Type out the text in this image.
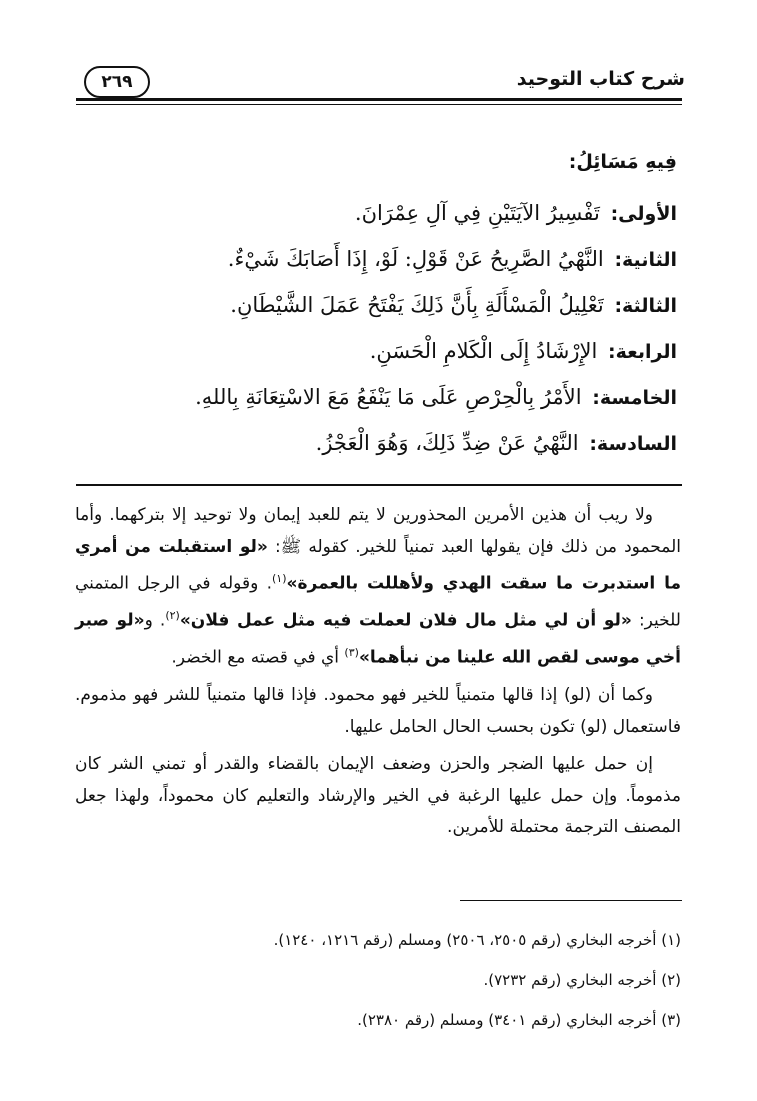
شرح كتاب التوحيد
٢٦٩
فِيهِ مَسَائِلُ:
الأولى: تَفْسِيرُ الآيَتَيْنِ فِي آلِ عِمْرَانَ.
الثانية: النَّهْيُ الصَّرِيحُ عَنْ قَوْلِ: لَوْ، إِذَا أَصَابَكَ شَيْءٌ.
الثالثة: تَعْلِيلُ الْمَسْأَلَةِ بِأَنَّ ذَلِكَ يَفْتَحُ عَمَلَ الشَّيْطَانِ.
الرابعة: الإِرْشَادُ إِلَى الْكَلامِ الْحَسَنِ.
الخامسة: الأَمْرُ بِالْحِرْصِ عَلَى مَا يَنْفَعُ مَعَ الاسْتِعَانَةِ بِاللهِ.
السادسة: النَّهْيُ عَنْ ضِدِّ ذَلِكَ، وَهُوَ الْعَجْزُ.

ولا ريب أن هذين الأمرين المحذورين لا يتم للعبد إيمان ولا توحيد إلا بتركهما. وأما المحمود من ذلك فإن يقولها العبد تمنياً للخير. كقوله ﷺ: «لو استقبلت من أمري ما استدبرت ما سقت الهدي ولأهللت بالعمرة»$^{(١)}$. وقوله في الرجل المتمني للخير: «لو أن لي مثل مال فلان لعملت فيه مثل عمل فلان»$^{(٢)}$. و«لو صبر أخي موسى لقص الله علينا من نبأهما»$^{(٣)}$ أي في قصته مع الخضر.

وكما أن (لو) إذا قالها متمنياً للخير فهو محمود. فإذا قالها متمنياً للشر فهو مذموم. فاستعمال (لو) تكون بحسب الحال الحامل عليها.

إن حمل عليها الضجر والحزن وضعف الإيمان بالقضاء والقدر أو تمني الشر كان مذموماً. وإن حمل عليها الرغبة في الخير والإرشاد والتعليم كان محموداً، ولهذا جعل المصنف الترجمة محتملة للأمرين.

(١) أخرجه البخاري (رقم ٢٥٠٥، ٢٥٠٦) ومسلم (رقم ١٢١٦، ١٢٤٠).
(٢) أخرجه البخاري (رقم ٧٢٣٢).
(٣) أخرجه البخاري (رقم ٣٤٠١) ومسلم (رقم ٢٣٨٠).
